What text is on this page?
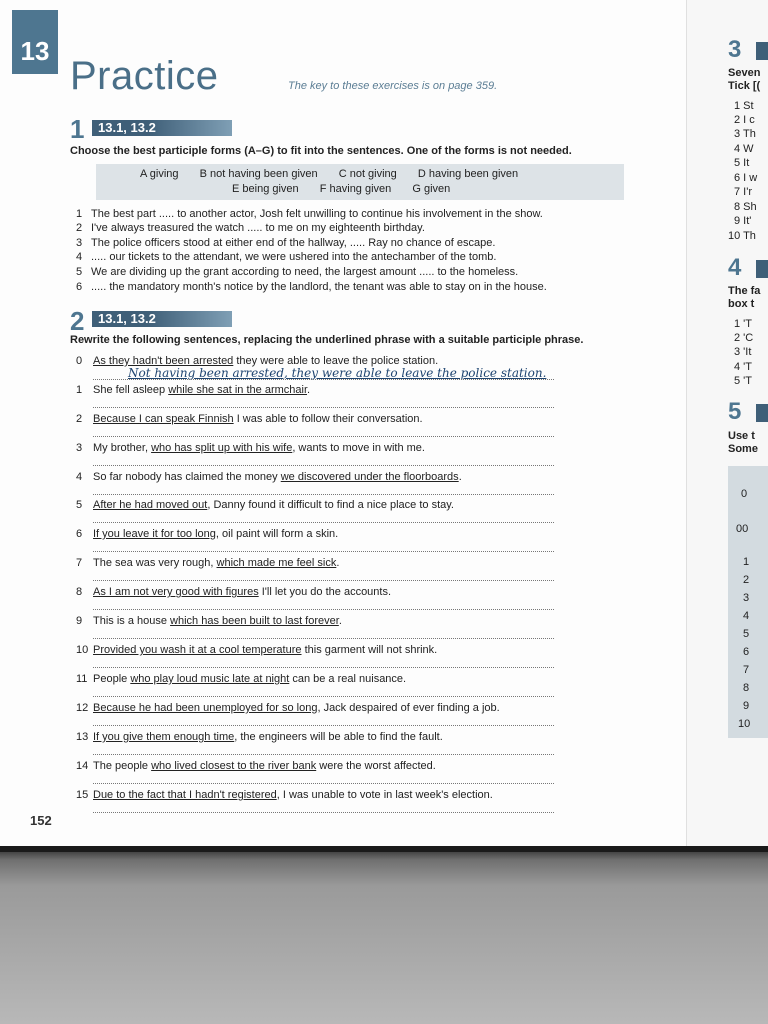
13
Practice	The key to these exercises is on page 359.
1	13.1, 13.2
Choose the best participle forms (A–G) to fit into the sentences. One of the forms is not needed.
A giving B not having been given C not giving D having been given
E being given F having given G given
1 The best part ..... to another actor, Josh felt unwilling to continue his involvement in the show.
2 I've always treasured the watch ..... to me on my eighteenth birthday.
3 The police officers stood at either end of the hallway, ..... Ray no chance of escape.
4 ..... our tickets to the attendant, we were ushered into the antechamber of the tomb.
5 We are dividing up the grant according to need, the largest amount ..... to the homeless.
6 ..... the mandatory month's notice by the landlord, the tenant was able to stay on in the house.
2	13.1, 13.2
Rewrite the following sentences, replacing the underlined phrase with a suitable participle phrase.
0 As they hadn't been arrested they were able to leave the police station.
Not having been arrested, they were able to leave the police station.
1 She fell asleep while she sat in the armchair.
2 Because I can speak Finnish I was able to follow their conversation.
3 My brother, who has split up with his wife, wants to move in with me.
4 So far nobody has claimed the money we discovered under the floorboards.
5 After he had moved out, Danny found it difficult to find a nice place to stay.
6 If you leave it for too long, oil paint will form a skin.
7 The sea was very rough, which made me feel sick.
8 As I am not very good with figures I'll let you do the accounts.
9 This is a house which has been built to last forever.
10 Provided you wash it at a cool temperature this garment will not shrink.
11 People who play loud music late at night can be a real nuisance.
12 Because he had been unemployed for so long, Jack despaired of ever finding a job.
13 If you give them enough time, the engineers will be able to find the fault.
14 The people who lived closest to the river bank were the worst affected.
15 Due to the fact that I hadn't registered, I was unable to vote in last week's election.
152
3
Seven
Tick [(
1 St
2 I c
3 Th
4 W
5 It
6 I w
7 I'r
8 Sh
9 It'
10 Th
4
The fa
box t
1 'T
2 'C
3 'It
4 'T
5 'T
5
Use t
Some
0
00
1
2
3
4
5
6
7
8
9
10
